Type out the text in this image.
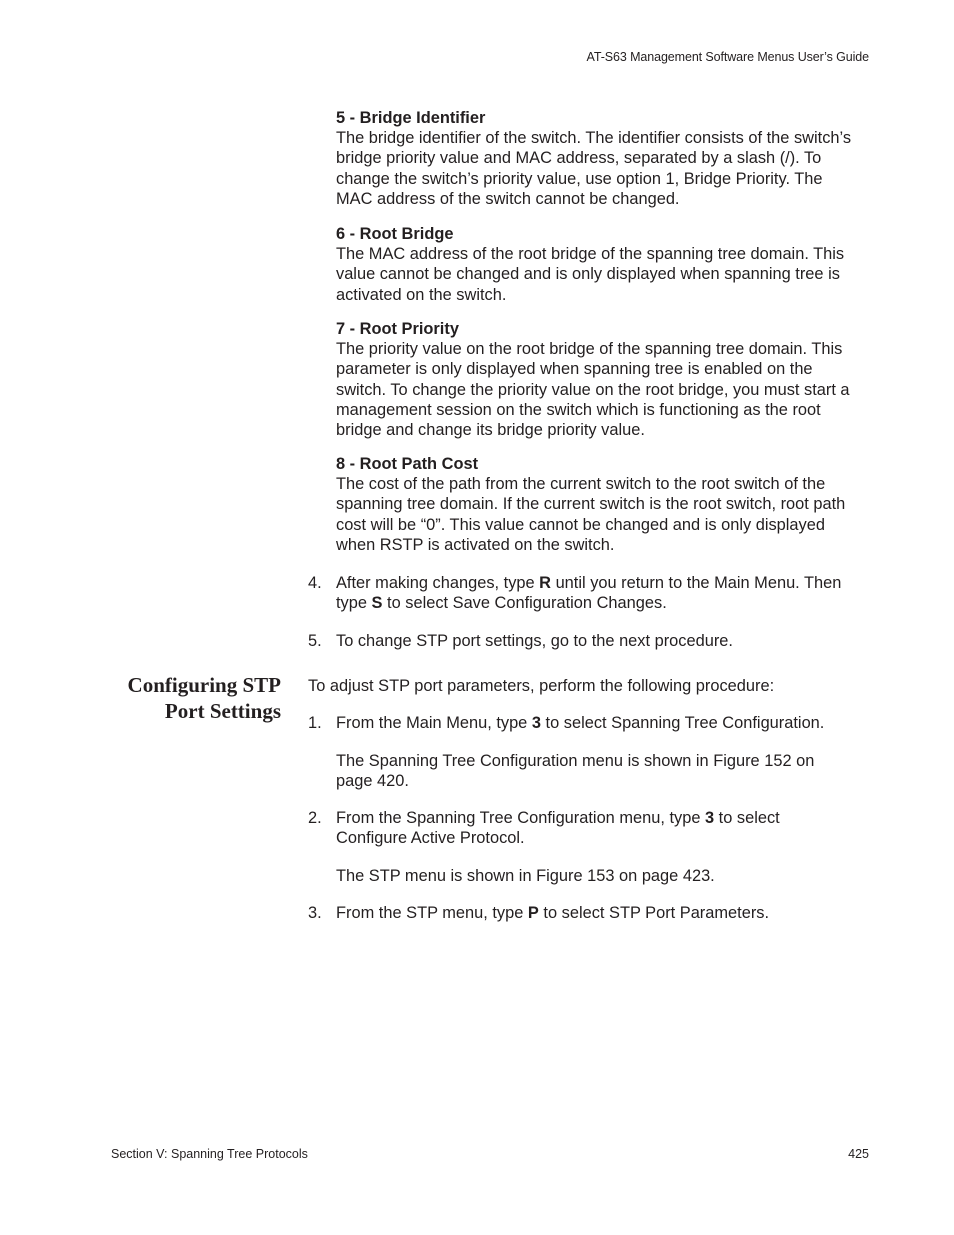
AT-S63 Management Software Menus User’s Guide
5 - Bridge Identifier
The bridge identifier of the switch. The identifier consists of the switch’s
bridge priority value and MAC address, separated by a slash (/). To
change the switch’s priority value, use option 1, Bridge Priority. The
MAC address of the switch cannot be changed.
6 - Root Bridge
The MAC address of the root bridge of the spanning tree domain. This
value cannot be changed and is only displayed when spanning tree is
activated on the switch.
7 - Root Priority
The priority value on the root bridge of the spanning tree domain. This
parameter is only displayed when spanning tree is enabled on the
switch. To change the priority value on the root bridge, you must start a
management session on the switch which is functioning as the root
bridge and change its bridge priority value.
8 - Root Path Cost
The cost of the path from the current switch to the root switch of the
spanning tree domain. If the current switch is the root switch, root path
cost will be “0”. This value cannot be changed and is only displayed
when RSTP is activated on the switch.
4. After making changes, type R until you return to the Main Menu. Then
type S to select Save Configuration Changes.
5. To change STP port settings, go to the next procedure.
Configuring STP
Port Settings
To adjust STP port parameters, perform the following procedure:
1. From the Main Menu, type 3 to select Spanning Tree Configuration.
The Spanning Tree Configuration menu is shown in Figure 152 on
page 420.
2. From the Spanning Tree Configuration menu, type 3 to select
Configure Active Protocol.
The STP menu is shown in Figure 153 on page 423.
3. From the STP menu, type P to select STP Port Parameters.
Section V: Spanning Tree Protocols	425
